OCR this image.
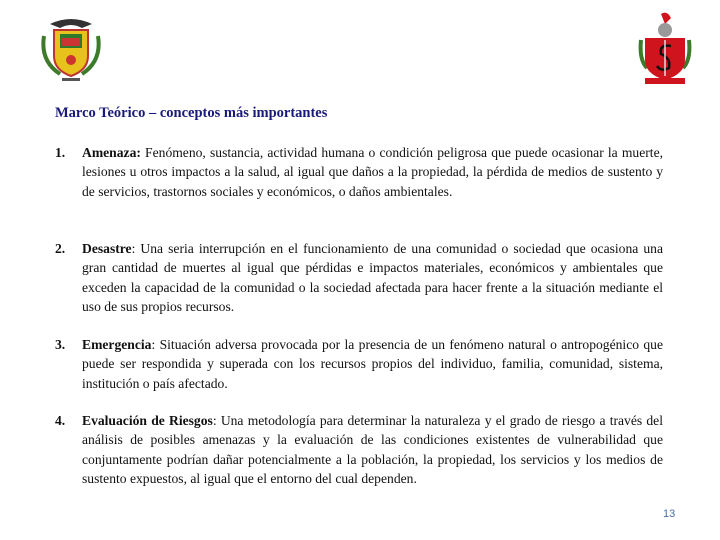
Marco Teórico – conceptos más importantes
1. Amenaza: Fenómeno, sustancia, actividad humana o condición peligrosa que puede ocasionar la muerte, lesiones u otros impactos a la salud, al igual que daños a la propiedad, la pérdida de medios de sustento y de servicios, trastornos sociales y económicos, o daños ambientales.
2. Desastre: Una seria interrupción en el funcionamiento de una comunidad o sociedad que ocasiona una gran cantidad de muertes al igual que pérdidas e impactos materiales, económicos y ambientales que exceden la capacidad de la comunidad o la sociedad afectada para hacer frente a la situación mediante el uso de sus propios recursos.
3. Emergencia: Situación adversa provocada por la presencia de un fenómeno natural o antropogénico que puede ser respondida y superada con los recursos propios del individuo, familia, comunidad, sistema, institución o país afectado.
4. Evaluación de Riesgos: Una metodología para determinar la naturaleza y el grado de riesgo a través del análisis de posibles amenazas y la evaluación de las condiciones existentes de vulnerabilidad que conjuntamente podrían dañar potencialmente a la población, la propiedad, los servicios y los medios de sustento expuestos, al igual que el entorno del cual dependen.
13
